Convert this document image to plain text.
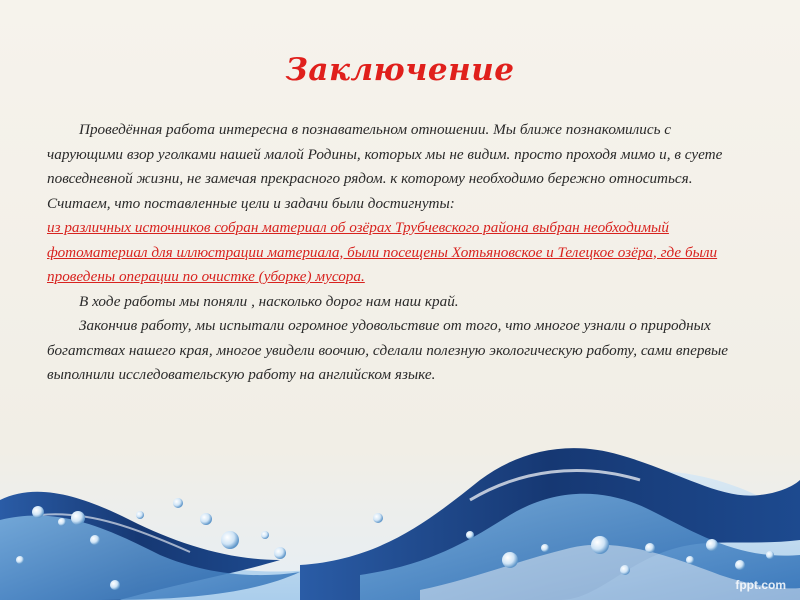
Заключение

Проведённая работа интересна в познавательном отношении. Мы ближе познакомились с чарующими взор уголками нашей малой Родины, которых мы не видим. просто проходя мимо и, в суете повседневной жизни, не замечая прекрасного рядом. к которому необходимо бережно относиться. Считаем, что поставленные цели и задачи были достигнуты:

из различных источников собран материал об озёрах Трубчевского района выбран необходимый фотоматериал для иллюстрации материала, были посещены Хотьяновское и Телецкое озёра, где были проведены операции по очистке (уборке) мусора.

В ходе работы мы поняли , насколько дорог нам наш край.

Закончив работу, мы испытали огромное удовольствие от того, что многое узнали о природных богатствах нашего края, многое увидели воочию, сделали полезную экологическую работу, сами впервые выполнили исследовательскую работу на английском языке.

fppt.com
